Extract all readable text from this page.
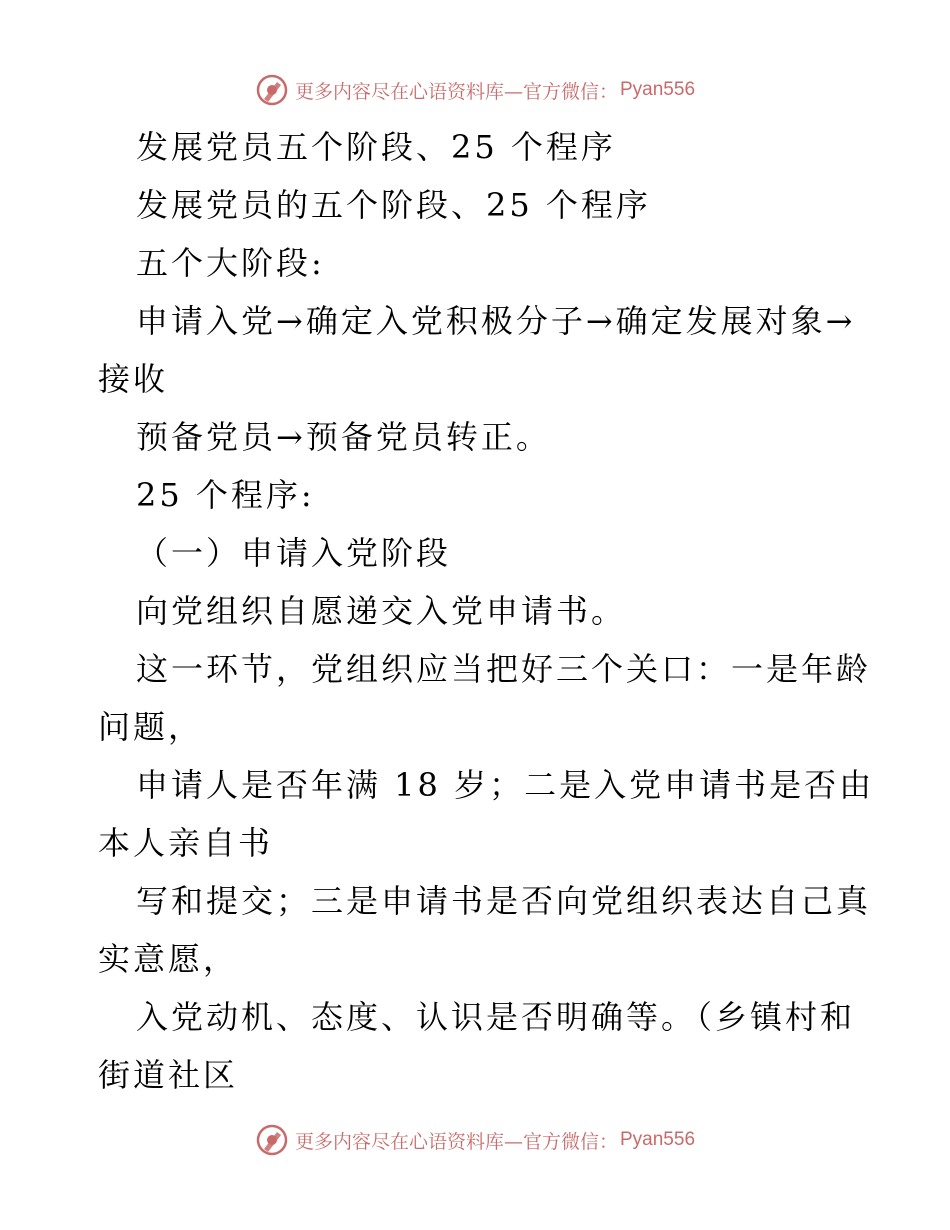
更多内容尽在心语资料库—官方微信： Pyan556
发展党员五个阶段、25 个程序
发展党员的五个阶段、25 个程序
五个大阶段:
申请入党→确定入党积极分子→确定发展对象→
接收
预备党员→预备党员转正。
25 个程序:
（一）申请入党阶段
向党组织自愿递交入党申请书。
这一环节，党组织应当把好三个关口：一是年龄
问题，
申请人是否年满 18 岁；二是入党申请书是否由
本人亲自书
写和提交；三是申请书是否向党组织表达自己真
实意愿，
入党动机、态度、认识是否明确等。（乡镇村和
街道社区
更多内容尽在心语资料库—官方微信： Pyan556
